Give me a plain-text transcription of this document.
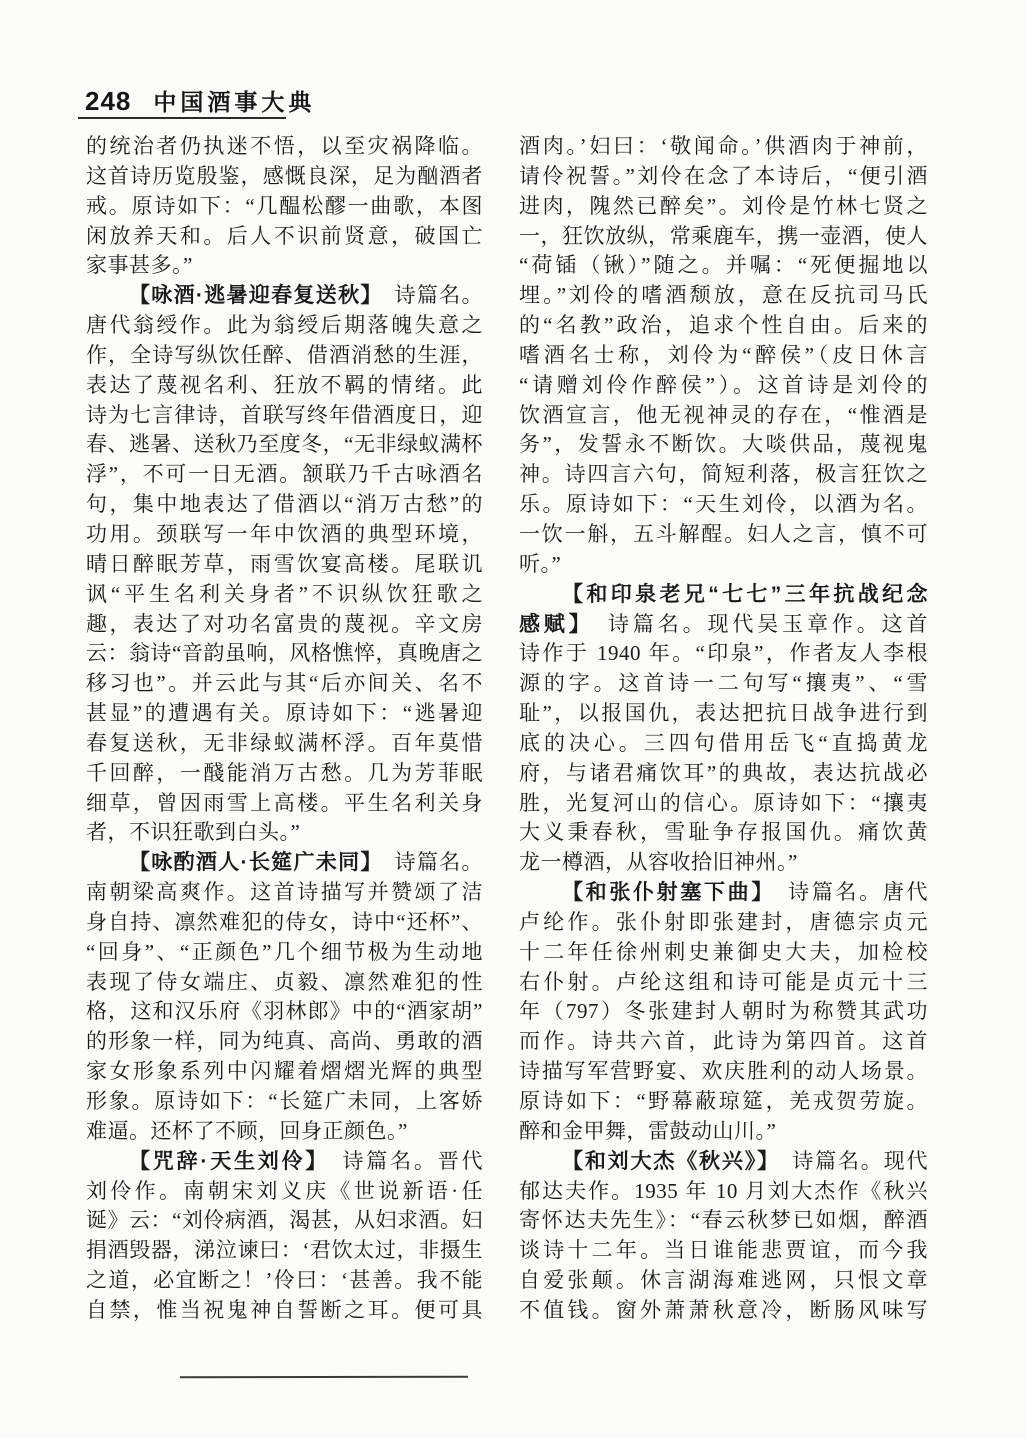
248 中国酒事大典
的统治者仍执迷不悟，以至灾祸降临。
这首诗历览殷鉴，感慨良深，足为酗酒者
戒。原诗如下：“几醖松醪一曲歌，本图
闲放养天和。后人不识前贤意，破国亡
家事甚多。”
【咏酒·逃暑迎春复送秋】　诗篇名。
唐代翁绶作。此为翁绶后期落魄失意之
作，全诗写纵饮任醉、借酒消愁的生涯，
表达了蔑视名利、狂放不羁的情绪。此
诗为七言律诗，首联写终年借酒度日，迎
春、逃暑、送秋乃至度冬，“无非绿蚁满杯
浮”，不可一日无酒。颔联乃千古咏酒名
句，集中地表达了借酒以“消万古愁”的
功用。颈联写一年中饮酒的典型环境，
晴日醉眠芳草，雨雪饮宴高楼。尾联讥
讽“平生名利关身者”不识纵饮狂歌之
趣，表达了对功名富贵的蔑视。辛文房
云：翁诗“音韵虽响，风格憔悴，真晚唐之
移习也”。并云此与其“后亦间关、名不
甚显”的遭遇有关。原诗如下：“逃暑迎
春复送秋，无非绿蚁满杯浮。百年莫惜
千回醉，一醆能消万古愁。几为芳菲眠
细草，曾因雨雪上高楼。平生名利关身
者，不识狂歌到白头。”
【咏酌酒人·长筵广未同】　诗篇名。
南朝梁高爽作。这首诗描写并赞颂了洁
身自持、凛然难犯的侍女，诗中“还杯”、
“回身”、“正颜色”几个细节极为生动地
表现了侍女端庄、贞毅、凛然难犯的性
格，这和汉乐府《羽林郎》中的“酒家胡”
的形象一样，同为纯真、高尚、勇敢的酒
家女形象系列中闪耀着熠熠光辉的典型
形象。原诗如下：“长筵广未同，上客娇
难逼。还杯了不顾，回身正颜色。”
【咒辞·天生刘伶】　诗篇名。晋代
刘伶作。南朝宋刘义庆《世说新语·任
诞》云：“刘伶病酒，渴甚，从妇求酒。妇
捐酒毁器，涕泣谏曰：‘君饮太过，非摄生
之道，必宜断之！’伶曰：‘甚善。我不能
自禁，惟当祝鬼神自誓断之耳。便可具
酒肉。’妇曰：‘敬闻命。’供酒肉于神前，
请伶祝誓。”刘伶在念了本诗后，“便引酒
进肉，隗然已醉矣”。刘伶是竹林七贤之
一，狂饮放纵，常乘鹿车，携一壶酒，使人
“荷锸（锹）”随之。并嘱：“死便掘地以
埋。”刘伶的嗜酒颓放，意在反抗司马氏
的“名教”政治，追求个性自由。后来的
嗜酒名士称，刘伶为“醉侯”（皮日休言
“请赠刘伶作醉侯”）。这首诗是刘伶的
饮酒宣言，他无视神灵的存在，“惟酒是
务”，发誓永不断饮。大啖供品，蔑视鬼
神。诗四言六句，简短利落，极言狂饮之
乐。原诗如下：“天生刘伶，以酒为名。
一饮一斛，五斗解酲。妇人之言，慎不可
听。”
【和印泉老兄“七七”三年抗战纪念
感赋】　诗篇名。现代吴玉章作。这首
诗作于 1940 年。“印泉”，作者友人李根
源的字。这首诗一二句写“攘夷”、“雪
耻”，以报国仇，表达把抗日战争进行到
底的决心。三四句借用岳飞“直捣黄龙
府，与诸君痛饮耳”的典故，表达抗战必
胜，光复河山的信心。原诗如下：“攘夷
大义秉春秋，雪耻争存报国仇。痛饮黄
龙一樽酒，从容收拾旧神州。”
【和张仆射塞下曲】　诗篇名。唐代
卢纶作。张仆射即张建封，唐德宗贞元
十二年任徐州刺史兼御史大夫，加检校
右仆射。卢纶这组和诗可能是贞元十三
年（797）冬张建封人朝时为称赞其武功
而作。诗共六首，此诗为第四首。这首
诗描写军营野宴、欢庆胜利的动人场景。
原诗如下：“野幕蔽琼筵，羌戎贺劳旋。
醉和金甲舞，雷鼓动山川。”
【和刘大杰《秋兴》】　诗篇名。现代
郁达夫作。1935 年 10 月刘大杰作《秋兴
寄怀达夫先生》：“春云秋梦已如烟，醉酒
谈诗十二年。当日谁能悲贾谊，而今我
自爱张颠。休言湖海难逃网，只恨文章
不值钱。窗外萧萧秋意冷，断肠风味写
